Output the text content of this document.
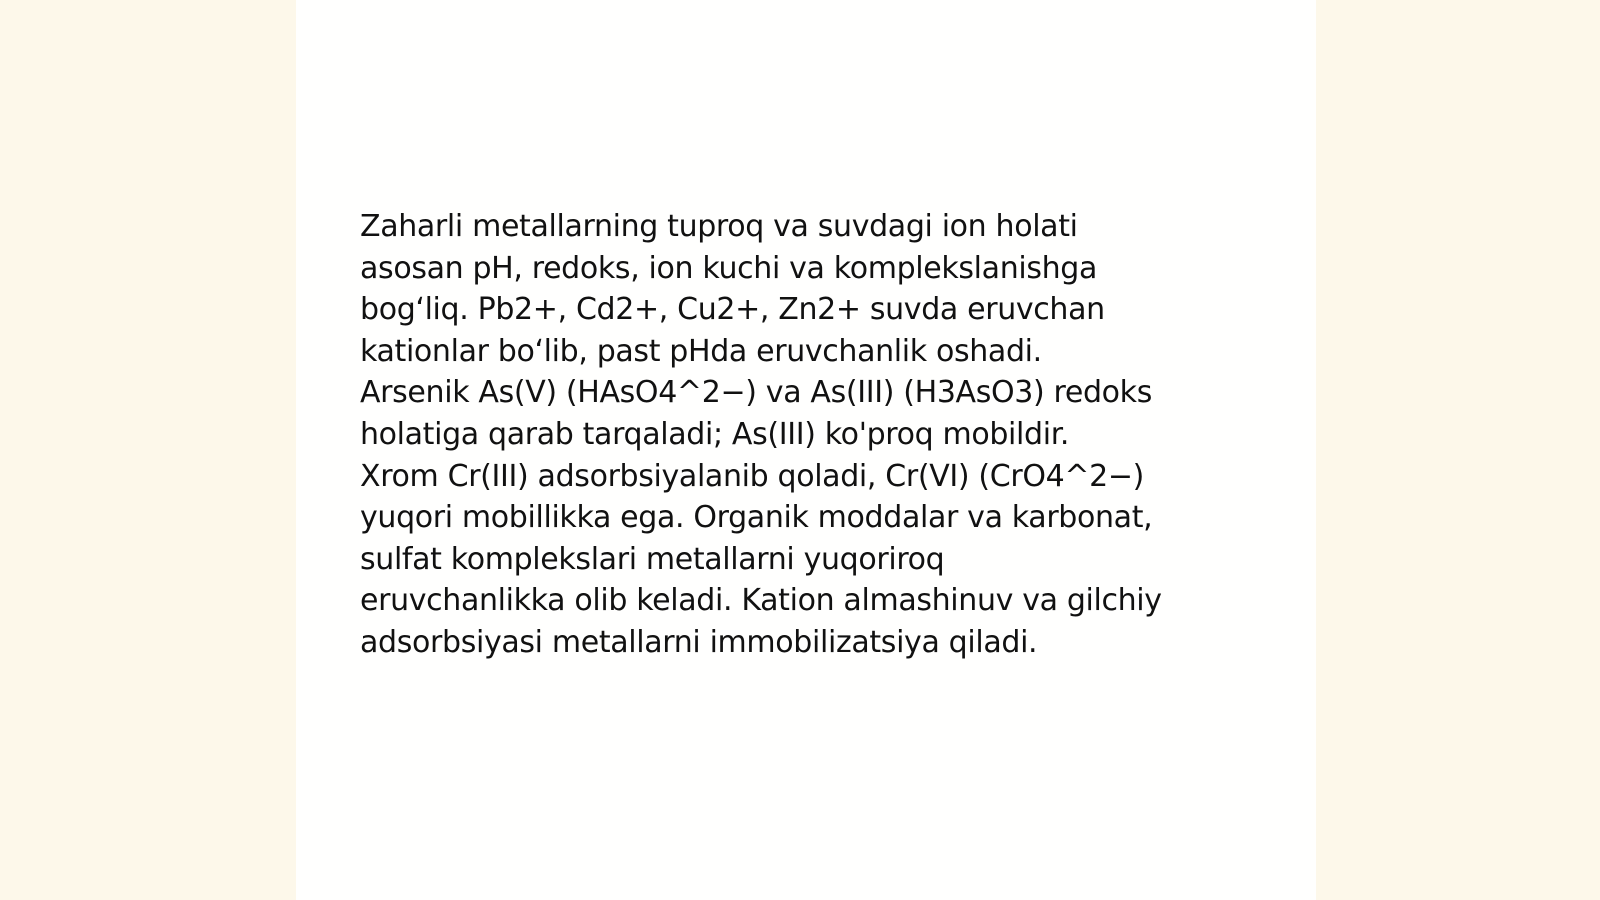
Zaharli metallarning tuproq va suvdagi ion holati
asosan pH, redoks, ion kuchi va komplekslanishga
bog‘liq. Pb2+, Cd2+, Cu2+, Zn2+ suvda eruvchan
kationlar bo‘lib, past pHda eruvchanlik oshadi.
Arsenik As(V) (HAsO4^2−) va As(III) (H3AsO3) redoks
holatiga qarab tarqaladi; As(III) ko'proq mobildir.
Xrom Cr(III) adsorbsiyalanib qoladi, Cr(VI) (CrO4^2−)
yuqori mobillikka ega. Organik moddalar va karbonat,
sulfat komplekslari metallarni yuqoriroq
eruvchanlikka olib keladi. Kation almashinuv va gilchiy
adsorbsiyasi metallarni immobilizatsiya qiladi.
